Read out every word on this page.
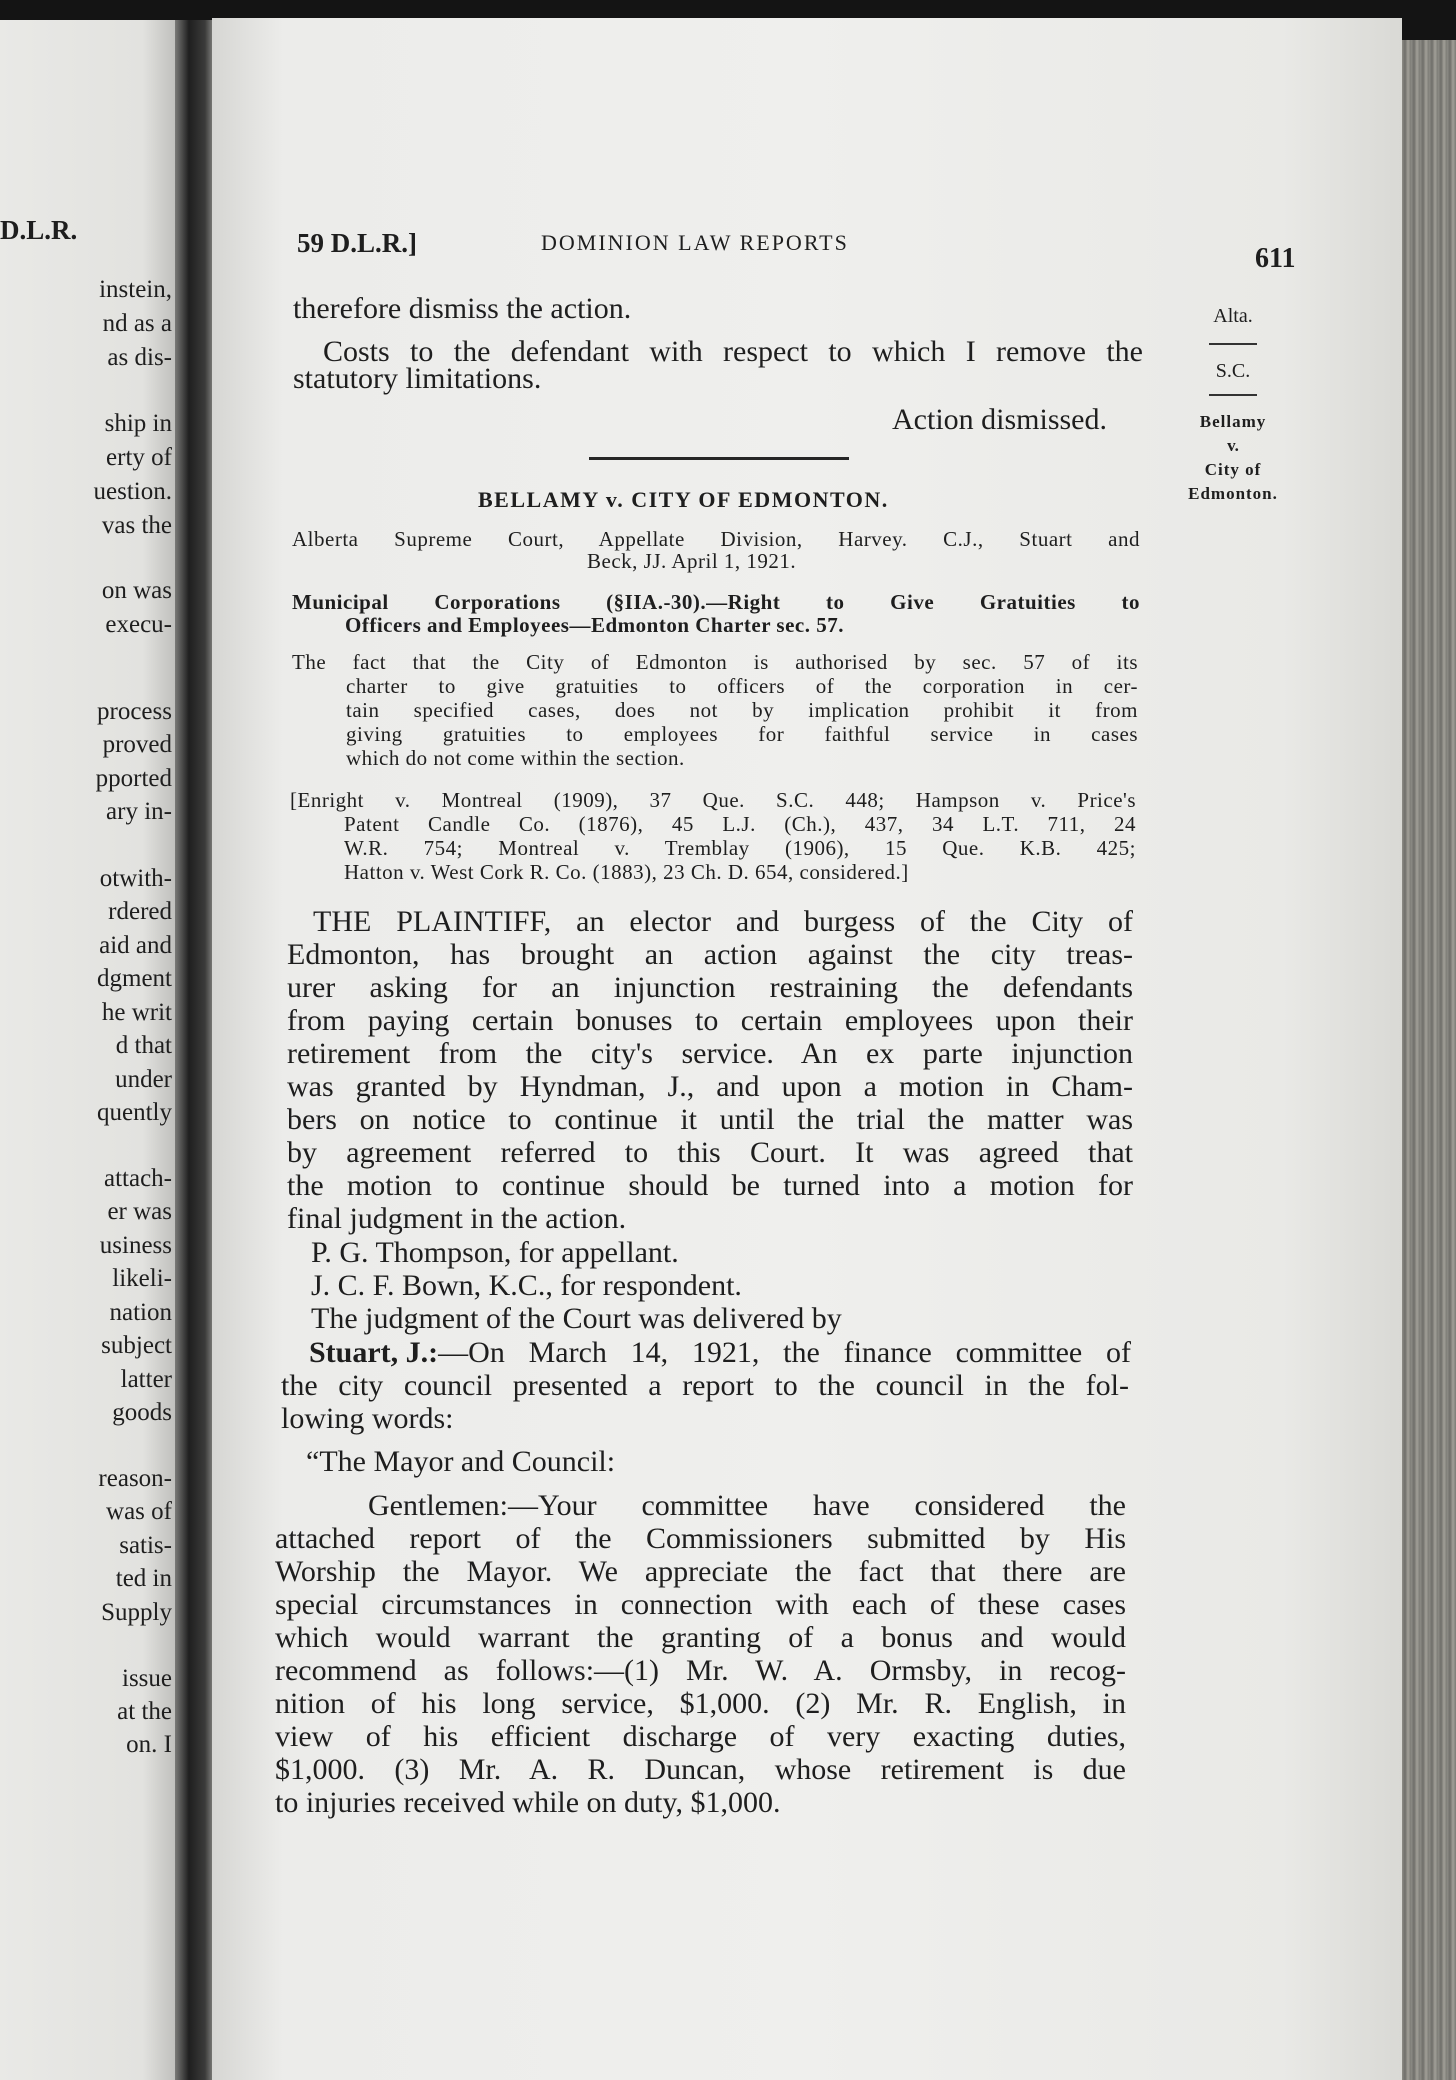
D.L.R.
instein,
nd as a
as dis-
ship in
erty of
uestion.
vas the
on was
execu-
process
proved
pported
ary in-
otwith-
rdered
aid and
dgment
he writ
d that
under
quently
attach-
er was
usiness
likeli-
nation
subject
latter
goods
reason-
was of
satis-
ted in
Supply
issue
at the
on. I
59 D.L.R.]	DOMINION LAW REPORTS
611
Alta.
S.C.
Bellamy
v.
City of
Edmonton.
therefore dismiss the action.
Costs to the defendant with respect to which I remove the
statutory limitations.
Action dismissed.
BELLAMY v. CITY OF EDMONTON.
Alberta Supreme Court, Appellate Division, Harvey. C.J., Stuart and
Beck, JJ. April 1, 1921.
Municipal Corporations (§IIA.-30).—Right to Give Gratuities to
Officers and Employees—Edmonton Charter sec. 57.
The fact that the City of Edmonton is authorised by sec. 57 of its
charter to give gratuities to officers of the corporation in cer-
tain specified cases, does not by implication prohibit it from
giving gratuities to employees for faithful service in cases
which do not come within the section.
[Enright v. Montreal (1909), 37 Que. S.C. 448; Hampson v. Price's
Patent Candle Co. (1876), 45 L.J. (Ch.), 437, 34 L.T. 711, 24
W.R. 754; Montreal v. Tremblay (1906), 15 Que. K.B. 425;
Hatton v. West Cork R. Co. (1883), 23 Ch. D. 654, considered.]
THE PLAINTIFF, an elector and burgess of the City of
Edmonton, has brought an action against the city treas-
urer asking for an injunction restraining the defendants
from paying certain bonuses to certain employees upon their
retirement from the city's service. An ex parte injunction
was granted by Hyndman, J., and upon a motion in Cham-
bers on notice to continue it until the trial the matter was
by agreement referred to this Court. It was agreed that
the motion to continue should be turned into a motion for
final judgment in the action.
P. G. Thompson, for appellant.
J. C. F. Bown, K.C., for respondent.
The judgment of the Court was delivered by
Stuart, J.: —On March 14, 1921, the finance committee of
the city council presented a report to the council in the fol-
lowing words:
“The Mayor and Council:
Gentlemen:—Your committee have considered the
attached report of the Commissioners submitted by His
Worship the Mayor. We appreciate the fact that there are
special circumstances in connection with each of these cases
which would warrant the granting of a bonus and would
recommend as follows:—(1) Mr. W. A. Ormsby, in recog-
nition of his long service, $1,000. (2) Mr. R. English, in
view of his efficient discharge of very exacting duties,
$1,000. (3) Mr. A. R. Duncan, whose retirement is due
to injuries received while on duty, $1,000.
